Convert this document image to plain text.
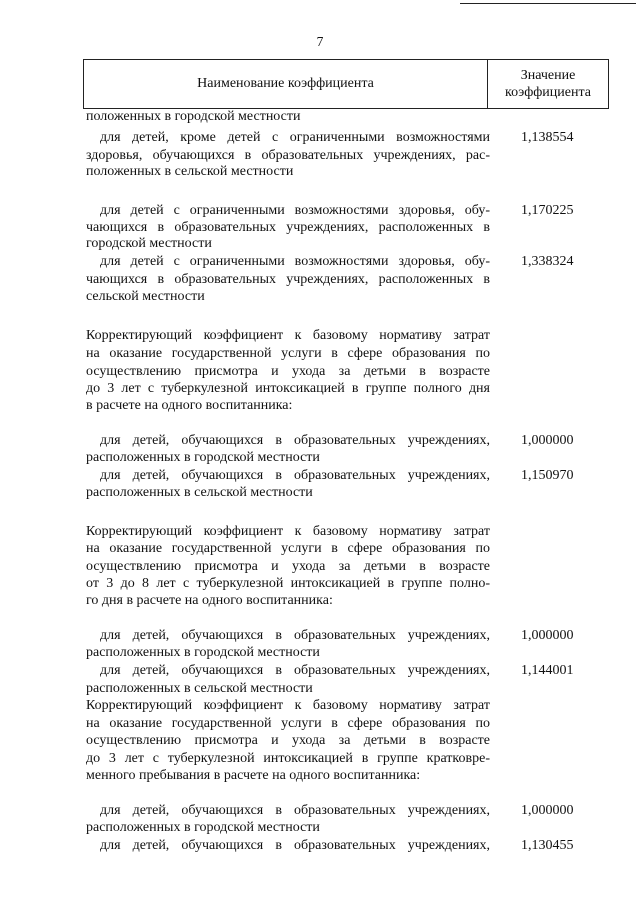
7
Наименование коэффициента
Значение
коэффициента
положенных в городской местности
для детей, кроме детей с ограниченными возможностями
здоровья, обучающихся в образовательных учреждениях, рас-
положенных в сельской местности
1,138554
для детей с ограниченными возможностями здоровья, обу-
чающихся в образовательных учреждениях, расположенных в
городской местности
1,170225
для детей с ограниченными возможностями здоровья, обу-
чающихся в образовательных учреждениях, расположенных в
сельской местности
1,338324
Корректирующий коэффициент к базовому нормативу затрат
на оказание государственной услуги в сфере образования по
осуществлению присмотра и ухода за детьми в возрасте
до 3 лет с туберкулезной интоксикацией в группе полного дня
в расчете на одного воспитанника:
для детей, обучающихся в образовательных учреждениях,
расположенных в городской местности
1,000000
для детей, обучающихся в образовательных учреждениях,
расположенных в сельской местности
1,150970
Корректирующий коэффициент к базовому нормативу затрат
на оказание государственной услуги в сфере образования по
осуществлению присмотра и ухода за детьми в возрасте
от 3 до 8 лет с туберкулезной интоксикацией в группе полно-
го дня в расчете на одного воспитанника:
для детей, обучающихся в образовательных учреждениях,
расположенных в городской местности
1,000000
для детей, обучающихся в образовательных учреждениях,
расположенных в сельской местности
1,144001
Корректирующий коэффициент к базовому нормативу затрат
на оказание государственной услуги в сфере образования по
осуществлению присмотра и ухода за детьми в возрасте
до 3 лет с туберкулезной интоксикацией в группе кратковре-
менного пребывания в расчете на одного воспитанника:
для детей, обучающихся в образовательных учреждениях,
расположенных в городской местности
1,000000
для детей, обучающихся в образовательных учреждениях, 1,130455
